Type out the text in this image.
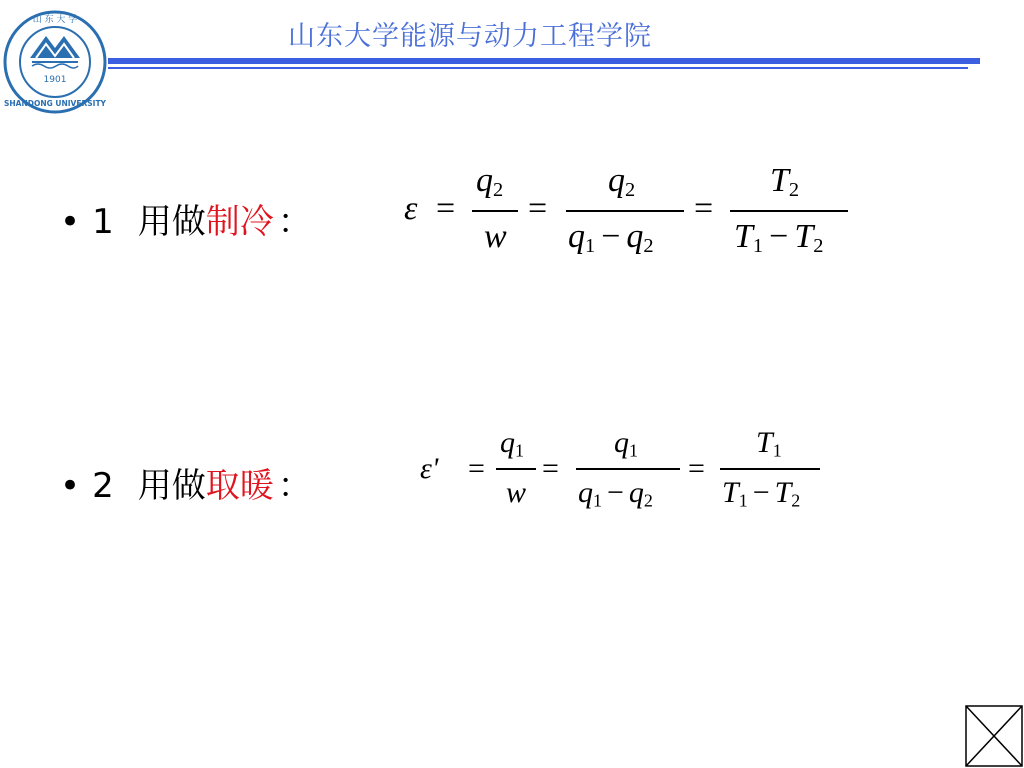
1901
山 东 大 学
SHANDONG UNIVERSITY
山东大学能源与动力工程学院
• 1 用做制冷 ：	ε =
$q_2$
w
=
$q_2$
$q_1 - q_2$
=
$T_2$
$T_1 - T_2$
• 2 用做取暖 ：	ε' =
$q_1$
w
=
$q_1$
$q_1 - q_2$
=
$T_1$
$T_1 - T_2$
